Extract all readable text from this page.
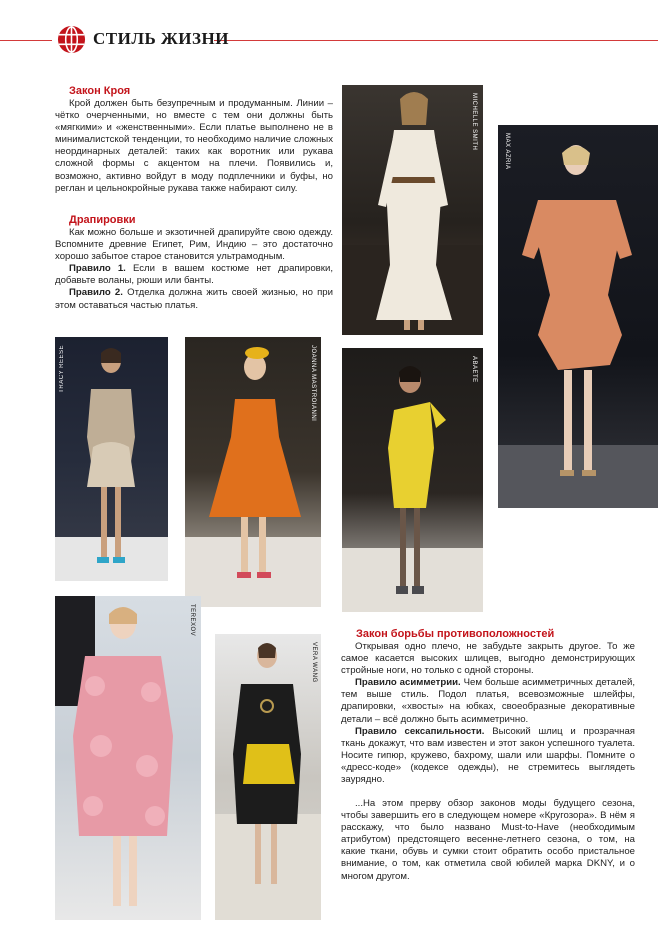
СТИЛЬ ЖИЗНИ
Закон Кроя

Крой должен быть безупречным и продуманным. Линии – чётко очерченными, но вместе с тем они должны быть «мягкими» и «женственными». Если платье выполнено не в минималистской тенденции, то необходимо наличие сложных неординарных деталей: таких как воротник или рукава сложной формы с акцентом на плечи. Появились и, возможно, активно войдут в моду подплечники и буфы, но реглан и цельнокройные рукава также набирают силу.

Драпировки

Как можно больше и экзотичней драпируйте свою одежду. Вспомните древние Египет, Рим, Индию – это достаточно хорошо забытое старое становится ультрамодным.

Правило 1. Если в вашем костюме нет драпировки, добавьте воланы, рюши или банты.

Правило 2. Отделка должна жить своей жизнью, но при этом оставаться частью платья.

MICHELLE SMITH
MAX AZRIA
TRACY REESE	JOANNA MASTROIANNI	ABAETE
TEREXOV
VERA WANG
Закон борьбы противоположностей

Открывая одно плечо, не забудьте закрыть другое. То же самое касается высоких шлицев, выгодно демонстрирующих стройные ноги, но только с одной стороны.

Правило асимметрии. Чем больше асимметричных деталей, тем выше стиль. Подол платья, всевозможные шлейфы, драпировки, «хвосты» на юбках, своеобразные декоративные детали – всё должно быть асимметрично.

Правило сексапильности. Высокий шлиц и прозрачная ткань докажут, что вам известен и этот закон успешного туалета. Носите гипюр, кружево, бахрому, шали или шарфы. Помните о «дресс-коде» (кодексе одежды), не стремитесь выглядеть заурядно.

...На этом прерву обзор законов моды будущего сезона, чтобы завершить его в следующем номере «Кругозора». В нём я расскажу, что было названо Must-to-Have (необходимым атрибутом) предстоящего весенне-летнего сезона, о том, на какие ткани, обувь и сумки стоит обратить особо пристальное внимание, о том, как отметила свой юбилей марка DKNY, и о многом другом.
